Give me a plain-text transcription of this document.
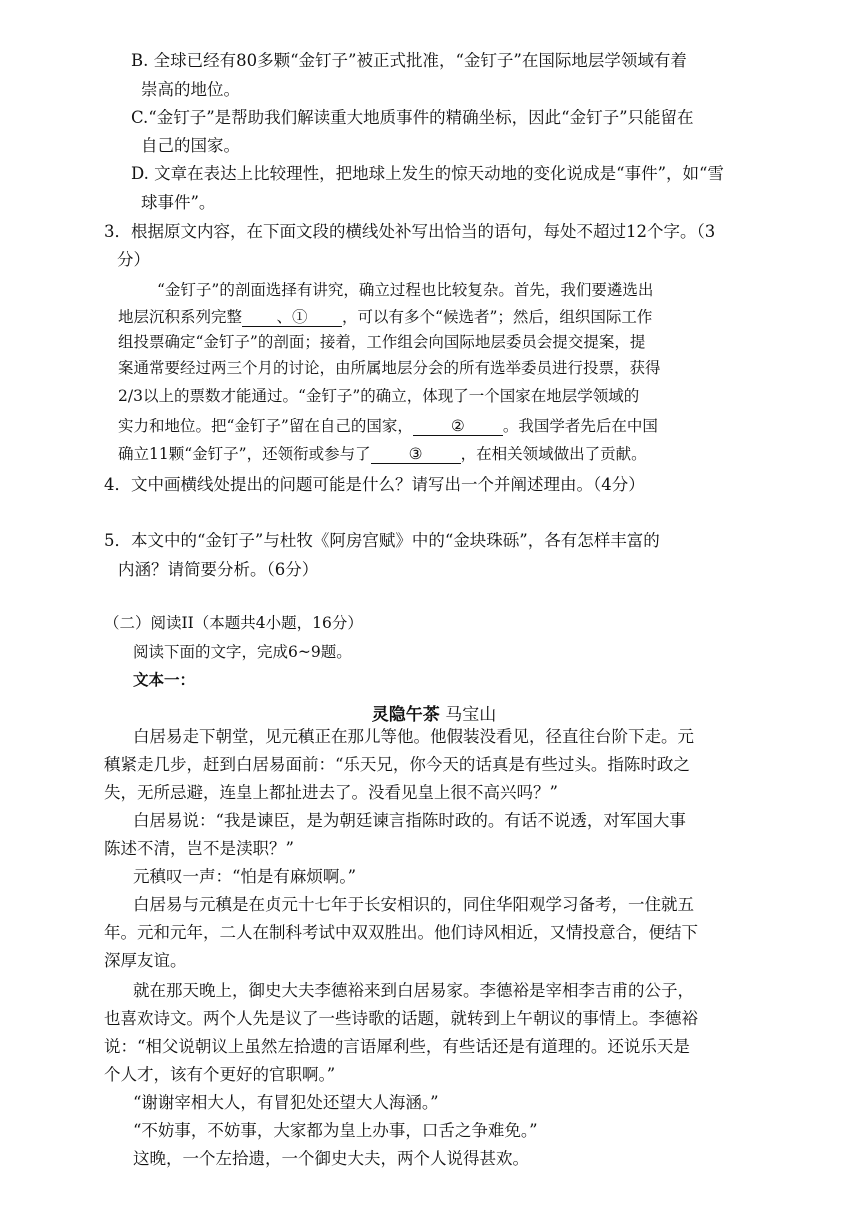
B. 全球已经有80多颗“金钉子”被正式批准，“金钉子”在国际地层学领域有着
崇高的地位。
C.“金钉子”是帮助我们解读重大地质事件的精确坐标，因此“金钉子”只能留在
自己的国家。
D. 文章在表达上比较理性，把地球上发生的惊天动地的变化说成是“事件”，如“雪
球事件”。
3．根据原文内容，在下面文段的横线处补写出恰当的语句，每处不超过12个字。（3
分）
“金钉子”的剖面选择有讲究，确立过程也比较复杂。首先，我们要遴选出
地层沉积系列完整 、① ，可以有多个“候选者”；然后，组织国际工作
组投票确定“金钉子”的剖面；接着，工作组会向国际地层委员会提交提案，提
案通常要经过两三个月的讨论，由所属地层分会的所有选举委员进行投票，获得
2/3以上的票数才能通过。“金钉子”的确立，体现了一个国家在地层学领域的
实力和地位。把“金钉子”留在自己的国家， ② 。我国学者先后在中国
确立11颗“金钉子”，还领衔或参与了 ③ ，在相关领域做出了贡献。
4．文中画横线处提出的问题可能是什么？请写出一个并阐述理由。（4分）
5．本文中的“金钉子”与杜牧《阿房宫赋》中的“金块珠砾”，各有怎样丰富的
内涵？请简要分析。（6分）
（二）阅读II（本题共4小题，16分）
阅读下面的文字，完成6~9题。
文本一：
灵隐午茶 马宝山
白居易走下朝堂，见元稹正在那儿等他。他假装没看见，径直往台阶下走。元
稹紧走几步，赶到白居易面前：“乐天兄，你今天的话真是有些过头。指陈时政之
失，无所忌避，连皇上都扯进去了。没看见皇上很不高兴吗？”
白居易说：“我是谏臣，是为朝廷谏言指陈时政的。有话不说透，对军国大事
陈述不清，岂不是渎职？”
元稹叹一声：“怕是有麻烦啊。”
白居易与元稹是在贞元十七年于长安相识的，同住华阳观学习备考，一住就五
年。元和元年，二人在制科考试中双双胜出。他们诗风相近，又情投意合，便结下
深厚友谊。
就在那天晚上，御史大夫李德裕来到白居易家。李德裕是宰相李吉甫的公子，
也喜欢诗文。两个人先是议了一些诗歌的话题，就转到上午朝议的事情上。李德裕
说：“相父说朝议上虽然左拾遗的言语犀利些，有些话还是有道理的。还说乐天是
个人才，该有个更好的官职啊。”
“谢谢宰相大人，有冒犯处还望大人海涵。”
“不妨事，不妨事，大家都为皇上办事，口舌之争难免。”
这晚，一个左拾遗，一个御史大夫，两个人说得甚欢。
